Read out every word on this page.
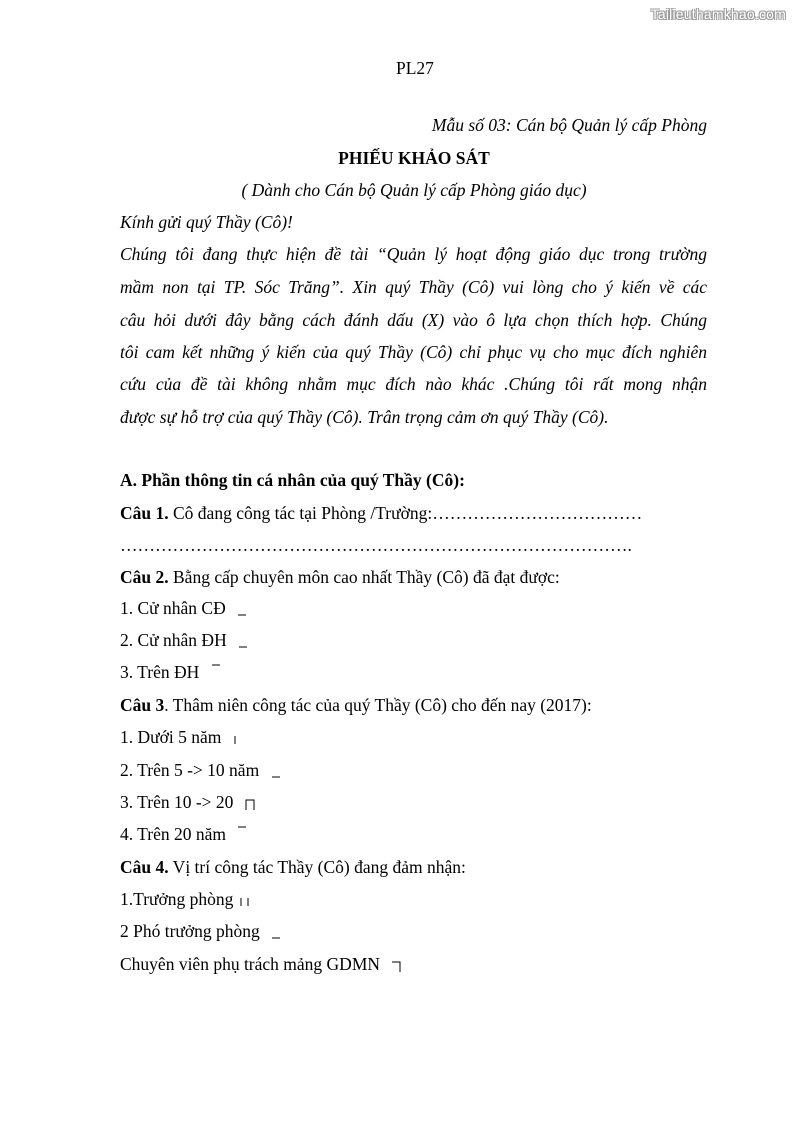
Tailieuthamkhao.com
PL27
Mẫu số 03: Cán bộ Quản lý cấp Phòng
PHIẾU KHẢO SÁT
( Dành cho Cán bộ Quản lý cấp Phòng giáo dục)
Kính gửi quý Thầy (Cô)!
Chúng tôi đang thực hiện đề tài “Quản lý hoạt động giáo dục trong trường
mầm non tại TP. Sóc Trăng”. Xin quý Thầy (Cô) vui lòng cho ý kiến về các
câu hỏi dưới đây bằng cách đánh dấu (X) vào ô lựa chọn thích hợp. Chúng
tôi cam kết những ý kiến của quý Thầy (Cô) chỉ phục vụ cho mục đích nghiên
cứu của đề tài không nhằm mục đích nào khác .Chúng tôi rất mong nhận
được sự hỗ trợ của quý Thầy (Cô). Trân trọng cảm ơn quý Thầy (Cô).
A. Phần thông tin cá nhân của quý Thầy (Cô):
Câu 1. Cô đang công tác tại Phòng /Trường:………………………………
…………………………………………………………………………….
Câu 2. Bằng cấp chuyên môn cao nhất Thầy (Cô) đã đạt được:
1. Cử nhân CĐ
2. Cử nhân ĐH
3. Trên ĐH
Câu 3. Thâm niên công tác của quý Thầy (Cô) cho đến nay (2017):
1. Dưới 5 năm
2. Trên 5 -> 10 năm
3. Trên 10 -> 20
4. Trên 20 năm
Câu 4. Vị trí công tác Thầy (Cô) đang đảm nhận:
1.Trưởng phòng
2 Phó trưởng phòng
Chuyên viên phụ trách mảng GDMN
